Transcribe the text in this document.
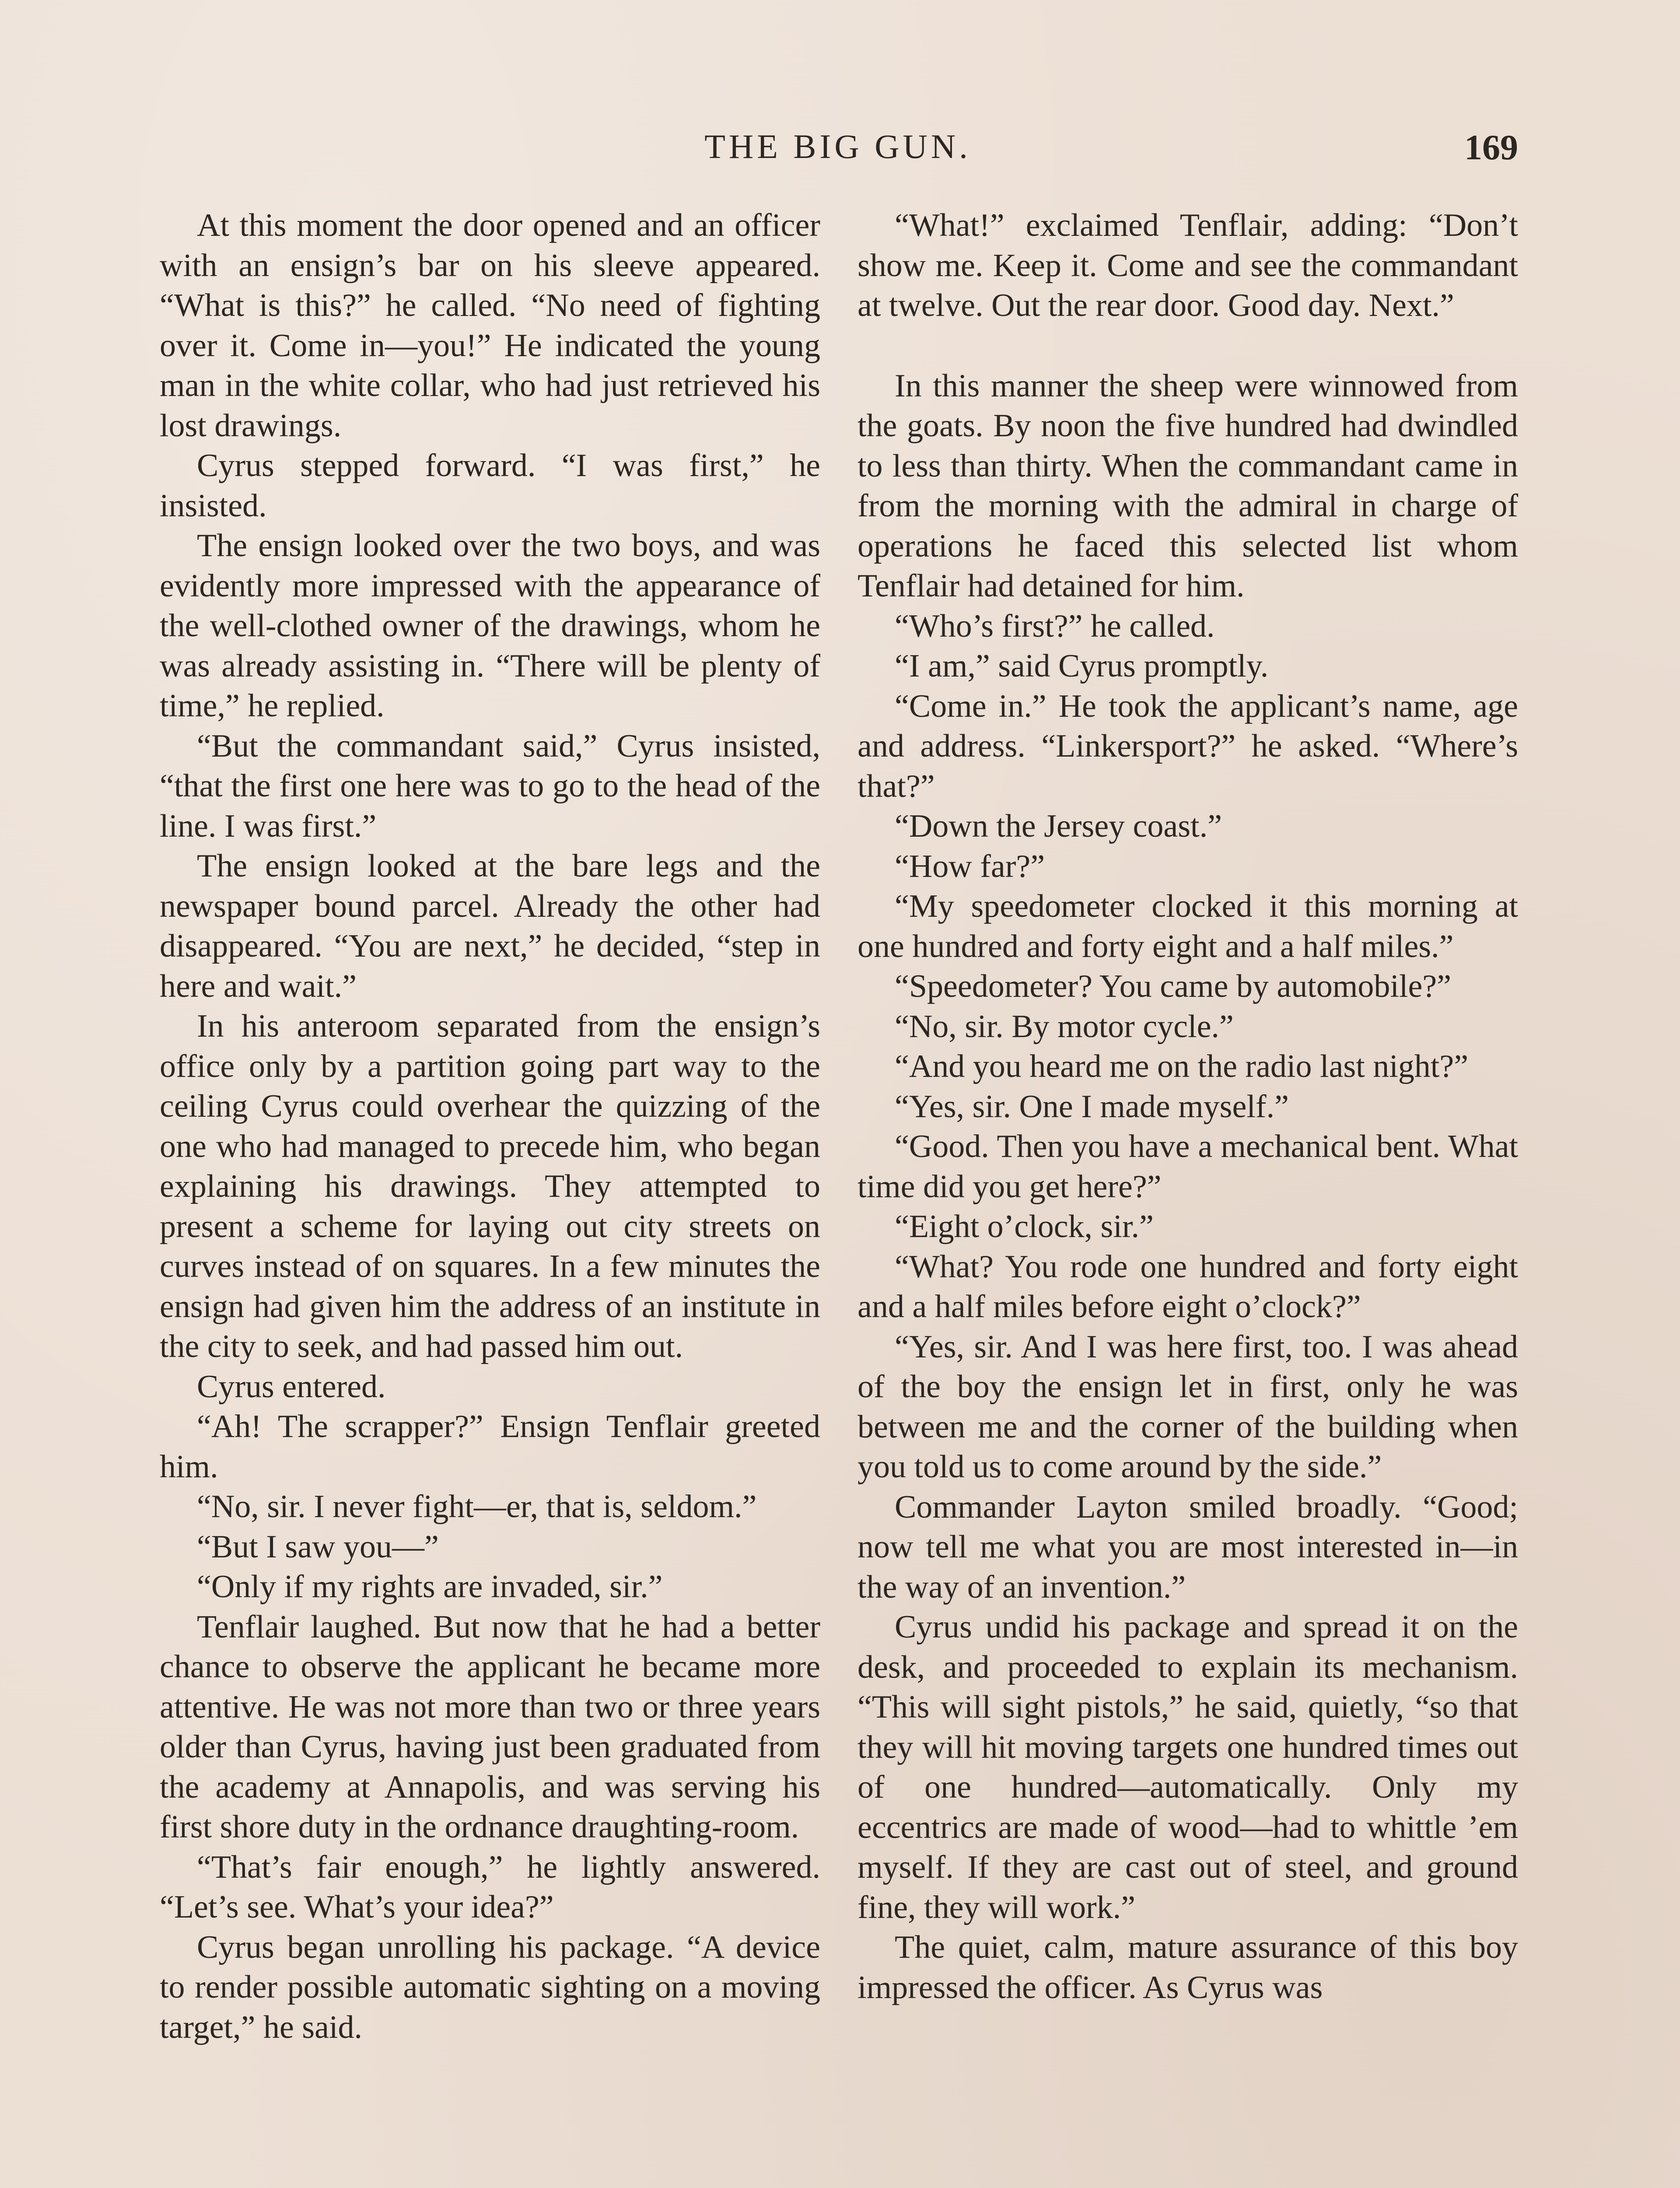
THE BIG GUN.	169

At this moment the door opened and an officer with an ensign’s bar on his sleeve appeared. “What is this?” he called. “No need of fighting over it. Come in—you!” He indicated the young man in the white collar, who had just retrieved his lost drawings.

Cyrus stepped forward. “I was first,” he insisted.

The ensign looked over the two boys, and was evidently more impressed with the appearance of the well-clothed owner of the drawings, whom he was already assisting in. “There will be plenty of time,” he replied.

“But the commandant said,” Cyrus insisted, “that the first one here was to go to the head of the line. I was first.”

The ensign looked at the bare legs and the newspaper bound parcel. Already the other had disappeared. “You are next,” he decided, “step in here and wait.”

In his anteroom separated from the ensign’s office only by a partition going part way to the ceiling Cyrus could overhear the quizzing of the one who had managed to precede him, who began explaining his drawings. They attempted to present a scheme for laying out city streets on curves instead of on squares. In a few minutes the ensign had given him the address of an institute in the city to seek, and had passed him out.

Cyrus entered.

“Ah! The scrapper?” Ensign Tenflair greeted him.

“No, sir. I never fight—er, that is, seldom.”

“But I saw you—”

“Only if my rights are invaded, sir.”

Tenflair laughed. But now that he had a better chance to observe the applicant he became more attentive. He was not more than two or three years older than Cyrus, having just been graduated from the academy at Annapolis, and was serving his first shore duty in the ordnance draughting-room.

“That’s fair enough,” he lightly answered. “Let’s see. What’s your idea?”

Cyrus began unrolling his package. “A device to render possible automatic sighting on a moving target,” he said.

“What!” exclaimed Tenflair, adding: “Don’t show me. Keep it. Come and see the commandant at twelve. Out the rear door. Good day. Next.”

In this manner the sheep were winnowed from the goats. By noon the five hundred had dwindled to less than thirty. When the commandant came in from the morning with the admiral in charge of operations he faced this selected list whom Tenflair had detained for him.

“Who’s first?” he called.

“I am,” said Cyrus promptly.

“Come in.” He took the applicant’s name, age and address. “Linkersport?” he asked. “Where’s that?”

“Down the Jersey coast.”

“How far?”

“My speedometer clocked it this morning at one hundred and forty eight and a half miles.”

“Speedometer? You came by automobile?”

“No, sir. By motor cycle.”

“And you heard me on the radio last night?”

“Yes, sir. One I made myself.”

“Good. Then you have a mechanical bent. What time did you get here?”

“Eight o’clock, sir.”

“What? You rode one hundred and forty eight and a half miles before eight o’clock?”

“Yes, sir. And I was here first, too. I was ahead of the boy the ensign let in first, only he was between me and the corner of the building when you told us to come around by the side.”

Commander Layton smiled broadly. “Good; now tell me what you are most interested in—in the way of an invention.”

Cyrus undid his package and spread it on the desk, and proceeded to explain its mechanism. “This will sight pistols,” he said, quietly, “so that they will hit moving targets one hundred times out of one hundred—automatically. Only my eccentrics are made of wood—had to whittle ’em myself. If they are cast out of steel, and ground fine, they will work.”

The quiet, calm, mature assurance of this boy impressed the officer. As Cyrus was
